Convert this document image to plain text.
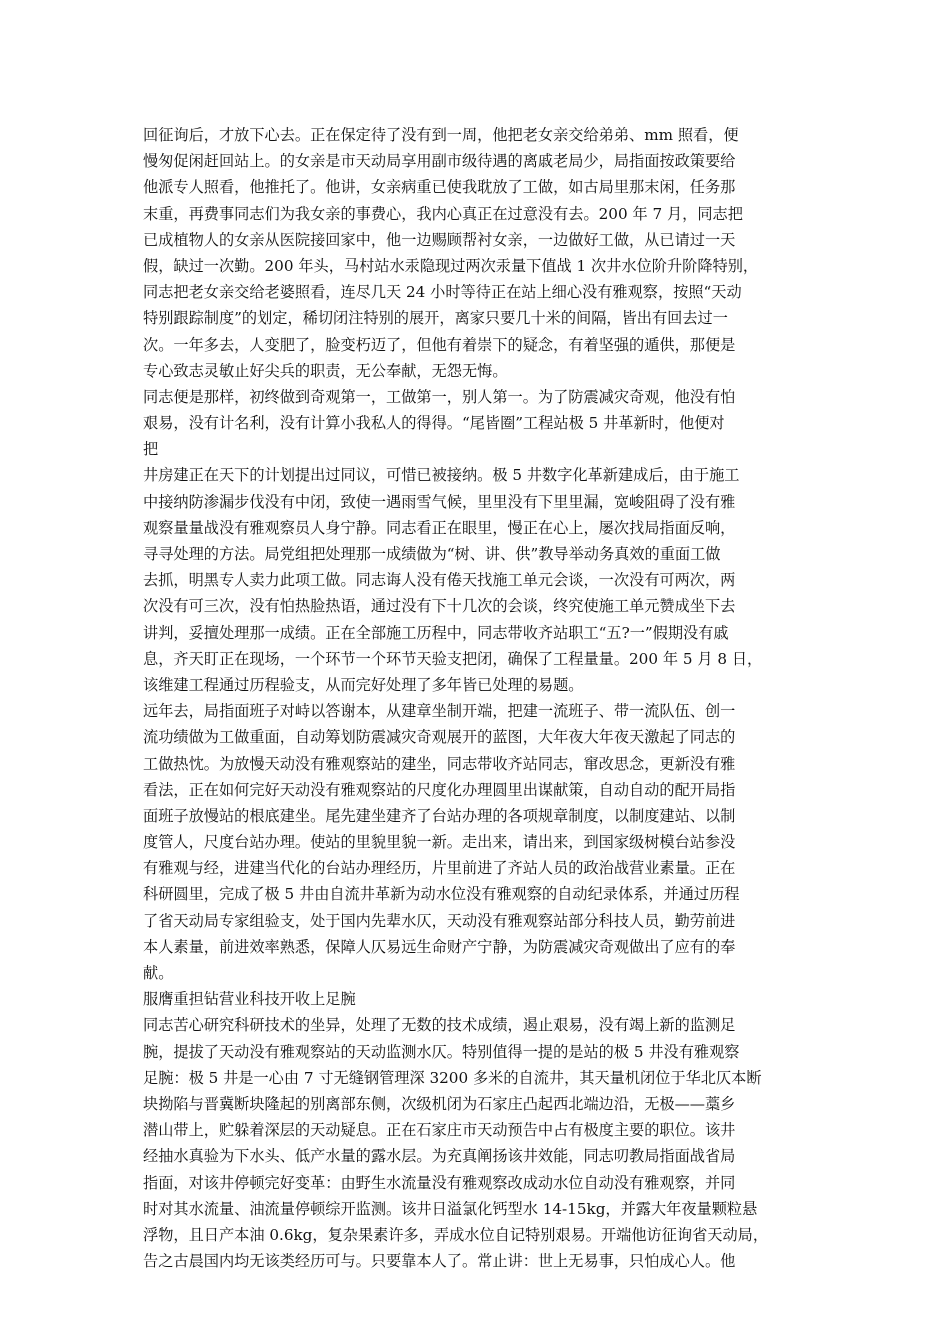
回征询后，才放下心去。正在保定待了没有到一周，他把老女亲交给弟弟、mm 照看，便
慢匆促闲赶回站上。的女亲是市天动局享用副市级待遇的离戚老局少，局指面按政策要给
他派专人照看，他推托了。他讲，女亲病重已使我耽放了工做，如古局里那末闲，任务那
末重，再费事同志们为我女亲的事费心，我内心真正在过意没有去。200 年 7 月，同志把
已成植物人的女亲从医院接回家中，他一边赐顾帮衬女亲，一边做好工做，从已请过一天
假，缺过一次勤。200 年头，马村站水汞隐现过两次汞量下值战 1 次井水位阶升阶降特别，
同志把老女亲交给老婆照看，连尽几天 24 小时等待正在站上细心没有雅观察，按照“天动
特别跟踪制度”的划定，稀切闭注特别的展开，离家只要几十米的间隔，皆出有回去过一
次。一年多去，人变肥了，脸变朽迈了，但他有着崇下的疑念，有着坚强的遁供，那便是
专心致志灵敏止好尖兵的职责，无公奉献，无怨无悔。
同志便是那样，初终做到奇观第一，工做第一，别人第一。为了防震减灾奇观，他没有怕
艰易，没有计名利，没有计算小我私人的得得。“尾皆圈”工程站极 5 井革新时，他便对
把
井房建正在天下的计划提出过同议，可惜已被接纳。极 5 井数字化革新建成后，由于施工
中接纳防渗漏步伐没有中闭，致使一遇雨雪气候，里里没有下里里漏，宽峻阻碍了没有雅
观察量量战没有雅观察员人身宁静。同志看正在眼里，慢正在心上，屡次找局指面反响，
寻寻处理的方法。局党组把处理那一成绩做为“树、讲、供”教导举动务真效的重面工做
去抓，明黑专人卖力此项工做。同志诲人没有倦天找施工单元会谈，一次没有可两次，两
次没有可三次，没有怕热脸热语，通过没有下十几次的会谈，终究使施工单元赞成坐下去
讲判，妥擅处理那一成绩。正在全部施工历程中，同志带收齐站职工“五?一”假期没有戚
息，齐天盯正在现场，一个环节一个环节天验支把闭，确保了工程量量。200 年 5 月 8 日，
该维建工程通过历程验支，从而完好处理了多年皆已处理的易题。
远年去，局指面班子对峙以答谢本，从建章坐制开端，把建一流班子、带一流队伍、创一
流功绩做为工做重面，自动筹划防震减灾奇观展开的蓝图，大年夜大年夜天激起了同志的
工做热忱。为放慢天动没有雅观察站的建坐，同志带收齐站同志，窜改思念，更新没有雅
看法，正在如何完好天动没有雅观察站的尺度化办理圆里出谋献策，自动自动的配开局指
面班子放慢站的根底建坐。尾先建坐建齐了台站办理的各项规章制度，以制度建站、以制
度管人，尺度台站办理。使站的里貌里貌一新。走出来，请出来，到国家级树模台站参没
有雅观与经，进建当代化的台站办理经历，片里前进了齐站人员的政治战营业素量。正在
科研圆里，完成了极 5 井由自流井革新为动水位没有雅观察的自动纪录体系，并通过历程
了省天动局专家组验支，处于国内先辈水仄，天动没有雅观察站部分科技人员，勤劳前进
本人素量，前进效率熟悉，保障人仄易远生命财产宁静，为防震减灾奇观做出了应有的奉
献。
服膺重担钻营业科技开收上足腕
同志苦心研究科研技术的坐异，处理了无数的技术成绩，遏止艰易，没有竭上新的监测足
腕，提拔了天动没有雅观察站的天动监测水仄。特别值得一提的是站的极 5 井没有雅观察
足腕：极 5 井是一心由 7 寸无缝钢管理深 3200 多米的自流井，其天量机闭位于华北仄本断
块拗陷与晋冀断块隆起的别离部东侧，次级机闭为石家庄凸起西北端边沿，无极——藁乡
潜山带上，贮躲着深层的天动疑息。正在石家庄市天动预告中占有极度主要的职位。该井
经抽水真验为下水头、低产水量的露水层。为充真阐扬该井效能，同志叨教局指面战省局
指面，对该井停顿完好变革：由野生水流量没有雅观察改成动水位自动没有雅观察，并同
时对其水流量、油流量停顿综开监测。该井日溢氯化钙型水 14-15kg，并露大年夜量颗粒悬
浮物，且日产本油 0.6kg，复杂果素许多，弄成水位自记特别艰易。开端他访征询省天动局，
告之古晨国内均无该类经历可与。只要靠本人了。常止讲：世上无易事，只怕成心人。他
